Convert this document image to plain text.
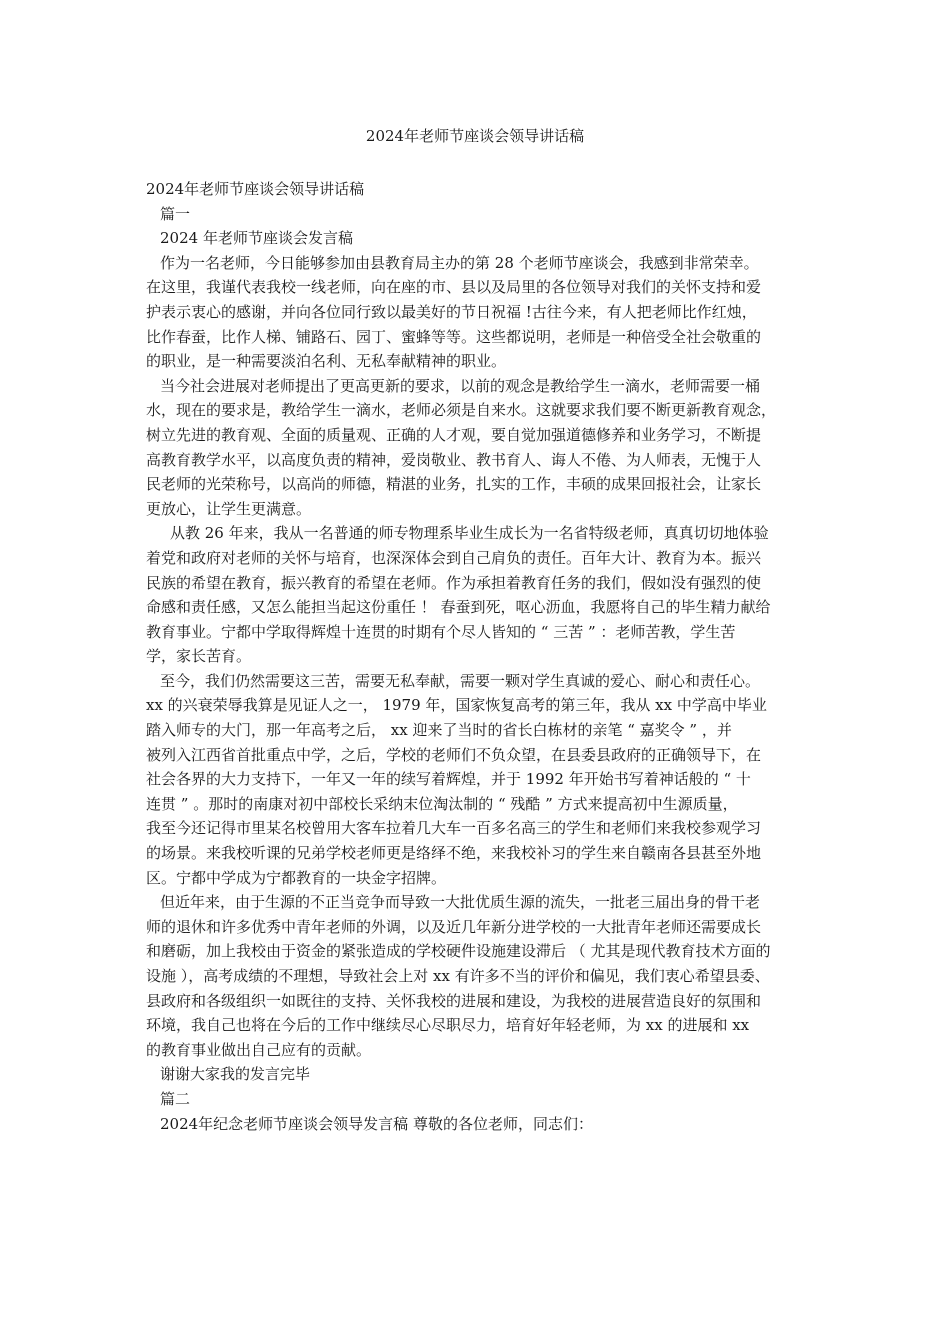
2024年老师节座谈会领导讲话稿
2024年老师节座谈会领导讲话稿
篇一
2024 年老师节座谈会发言稿
作为一名老师，今日能够参加由县教育局主办的第 28 个老师节座谈会，我感到非常荣幸。
在这里，我谨代表我校一线老师，向在座的市、县以及局里的各位领导对我们的关怀支持和爱
护表示衷心的感谢，并向各位同行致以最美好的节日祝福 !古往今来，有人把老师比作红烛，
比作春蚕，比作人梯、铺路石、园丁、蜜蜂等等。这些都说明，老师是一种倍受全社会敬重的
的职业，是一种需要淡泊名利、无私奉献精神的职业。
当今社会进展对老师提出了更高更新的要求，以前的观念是教给学生一滴水，老师需要一桶
水，现在的要求是，教给学生一滴水，老师必须是自来水。这就要求我们要不断更新教育观念，
树立先进的教育观、全面的质量观、正确的人才观，要自觉加强道德修养和业务学习，不断提
高教育教学水平，以高度负责的精神，爱岗敬业、教书育人、诲人不倦、为人师表，无愧于人
民老师的光荣称号，以高尚的师德，精湛的业务，扎实的工作，丰硕的成果回报社会，让家长
更放心，让学生更满意。
从教 26 年来，我从一名普通的师专物理系毕业生成长为一名省特级老师，真真切切地体验
着党和政府对老师的关怀与培育，也深深体会到自己肩负的责任。百年大计、教育为本。振兴
民族的希望在教育，振兴教育的希望在老师。作为承担着教育任务的我们，假如没有强烈的使
命感和责任感，又怎么能担当起这份重任 ！ 春蚕到死，呕心沥血，我愿将自己的毕生精力献给
教育事业。宁都中学取得辉煌十连贯的时期有个尽人皆知的 “ 三苦 ” ：老师苦教，学生苦
学，家长苦育。
至今，我们仍然需要这三苦，需要无私奉献，需要一颗对学生真诚的爱心、耐心和责任心。
xx 的兴衰荣辱我算是见证人之一， 1979 年，国家恢复高考的第三年，我从 xx 中学高中毕业
踏入师专的大门，那一年高考之后， xx 迎来了当时的省长白栋材的亲笔 “ 嘉奖令 ” ，并
被列入江西省首批重点中学，之后，学校的老师们不负众望，在县委县政府的正确领导下，在
社会各界的大力支持下，一年又一年的续写着辉煌，并于 1992 年开始书写着神话般的 “ 十
连贯 ” 。那时的南康对初中部校长采纳末位淘汰制的 “ 残酷 ” 方式来提高初中生源质量，
我至今还记得市里某名校曾用大客车拉着几大车一百多名高三的学生和老师们来我校参观学习
的场景。来我校听课的兄弟学校老师更是络绎不绝，来我校补习的学生来自赣南各县甚至外地
区。宁都中学成为宁都教育的一块金字招牌。
但近年来，由于生源的不正当竞争而导致一大批优质生源的流失，一批老三届出身的骨干老
师的退休和许多优秀中青年老师的外调，以及近几年新分进学校的一大批青年老师还需要成长
和磨砺，加上我校由于资金的紧张造成的学校硬件设施建设滞后 （ 尤其是现代教育技术方面的
设施 ），高考成绩的不理想，导致社会上对 xx 有许多不当的评价和偏见，我们衷心希望县委、
县政府和各级组织一如既往的支持、关怀我校的进展和建设，为我校的进展营造良好的氛围和
环境，我自己也将在今后的工作中继续尽心尽职尽力，培育好年轻老师，为 xx 的进展和 xx
的教育事业做出自己应有的贡献。
谢谢大家我的发言完毕
篇二
2024年纪念老师节座谈会领导发言稿 尊敬的各位老师，同志们：
